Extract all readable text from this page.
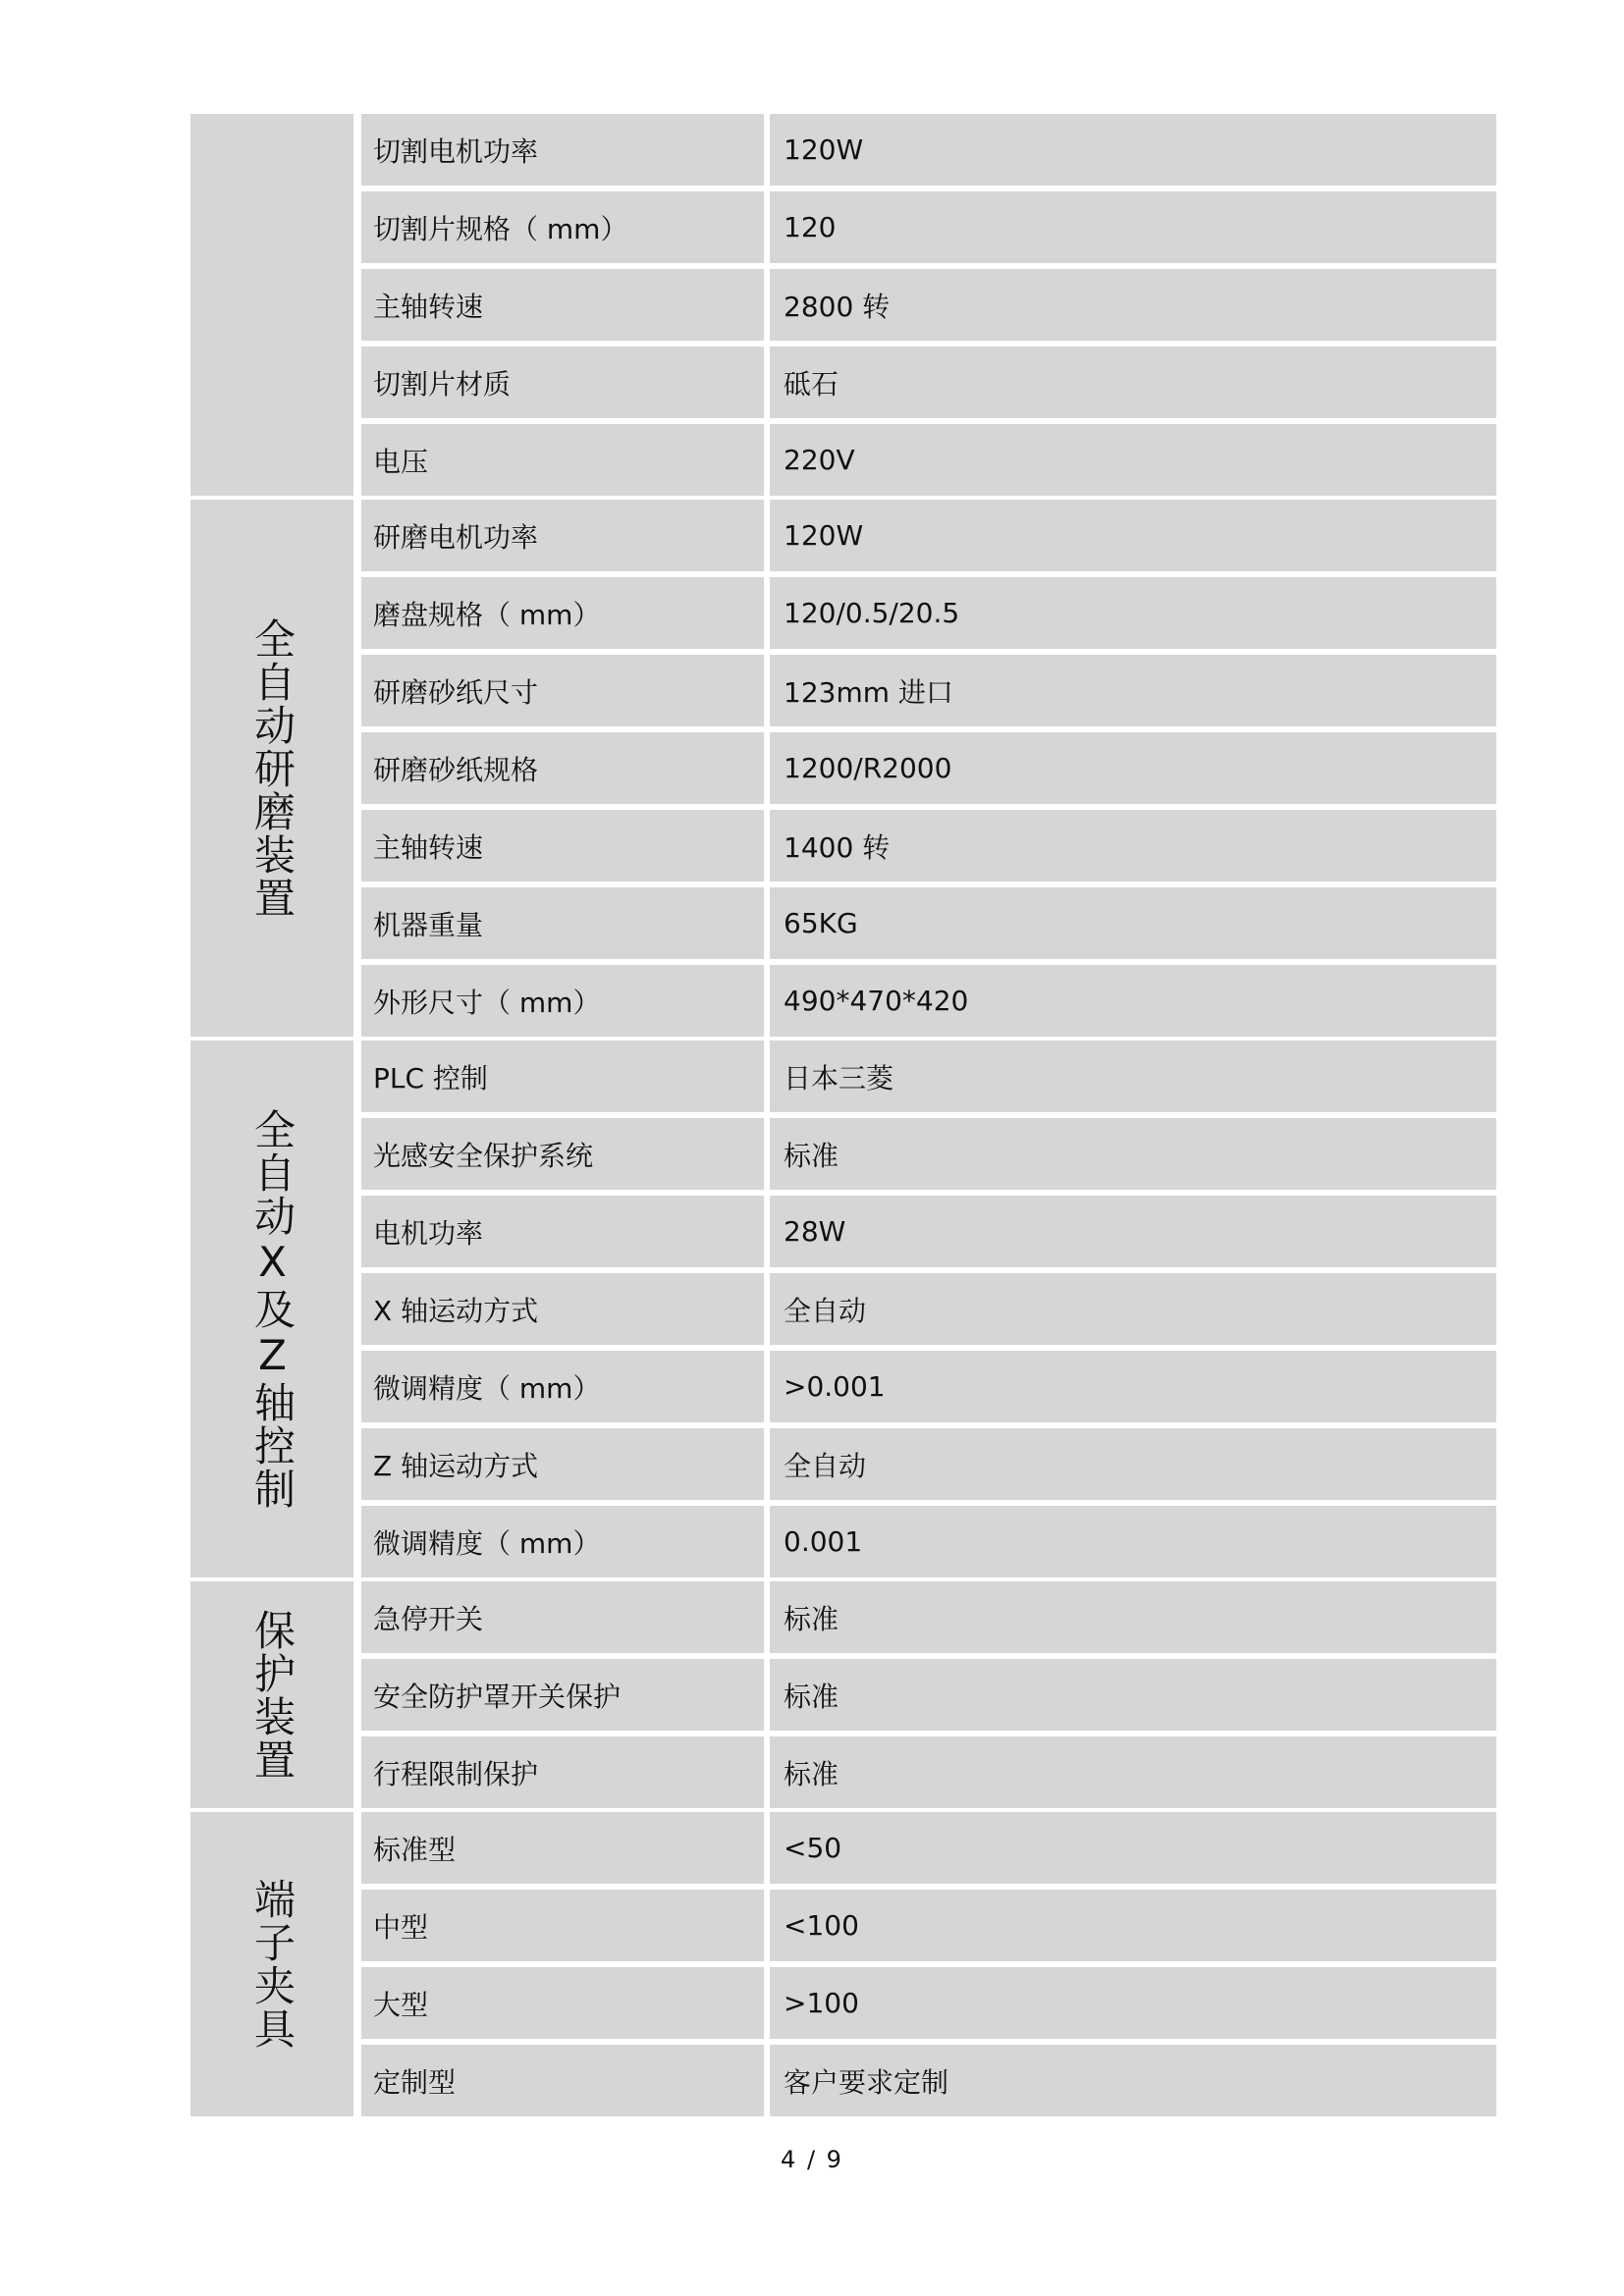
切割电机功率	120W
切割片规格（ mm）	120
主轴转速	2800 转
切割片材质	砥石
电压	220V
全自动研磨装置
研磨电机功率	120W
磨盘规格（ mm）	120/0.5/20.5
研磨砂纸尺寸	123mm 进口
研磨砂纸规格	1200/R2000
主轴转速	1400 转
机器重量	65KG
外形尺寸（ mm）	490*470*420
全自动X及Z轴控制
PLC 控制	日本三菱
光感安全保护系统	标准
电机功率	28W
X 轴运动方式	全自动
微调精度（ mm）	>0.001
Z 轴运动方式	全自动
微调精度（ mm）	0.001
保护装置	急停开关	标准
安全防护罩开关保护	标准
行程限制保护	标准
端子夹具
标准型	<50
中型	<100
大型	>100
定制型	客户要求定制
4 / 9
